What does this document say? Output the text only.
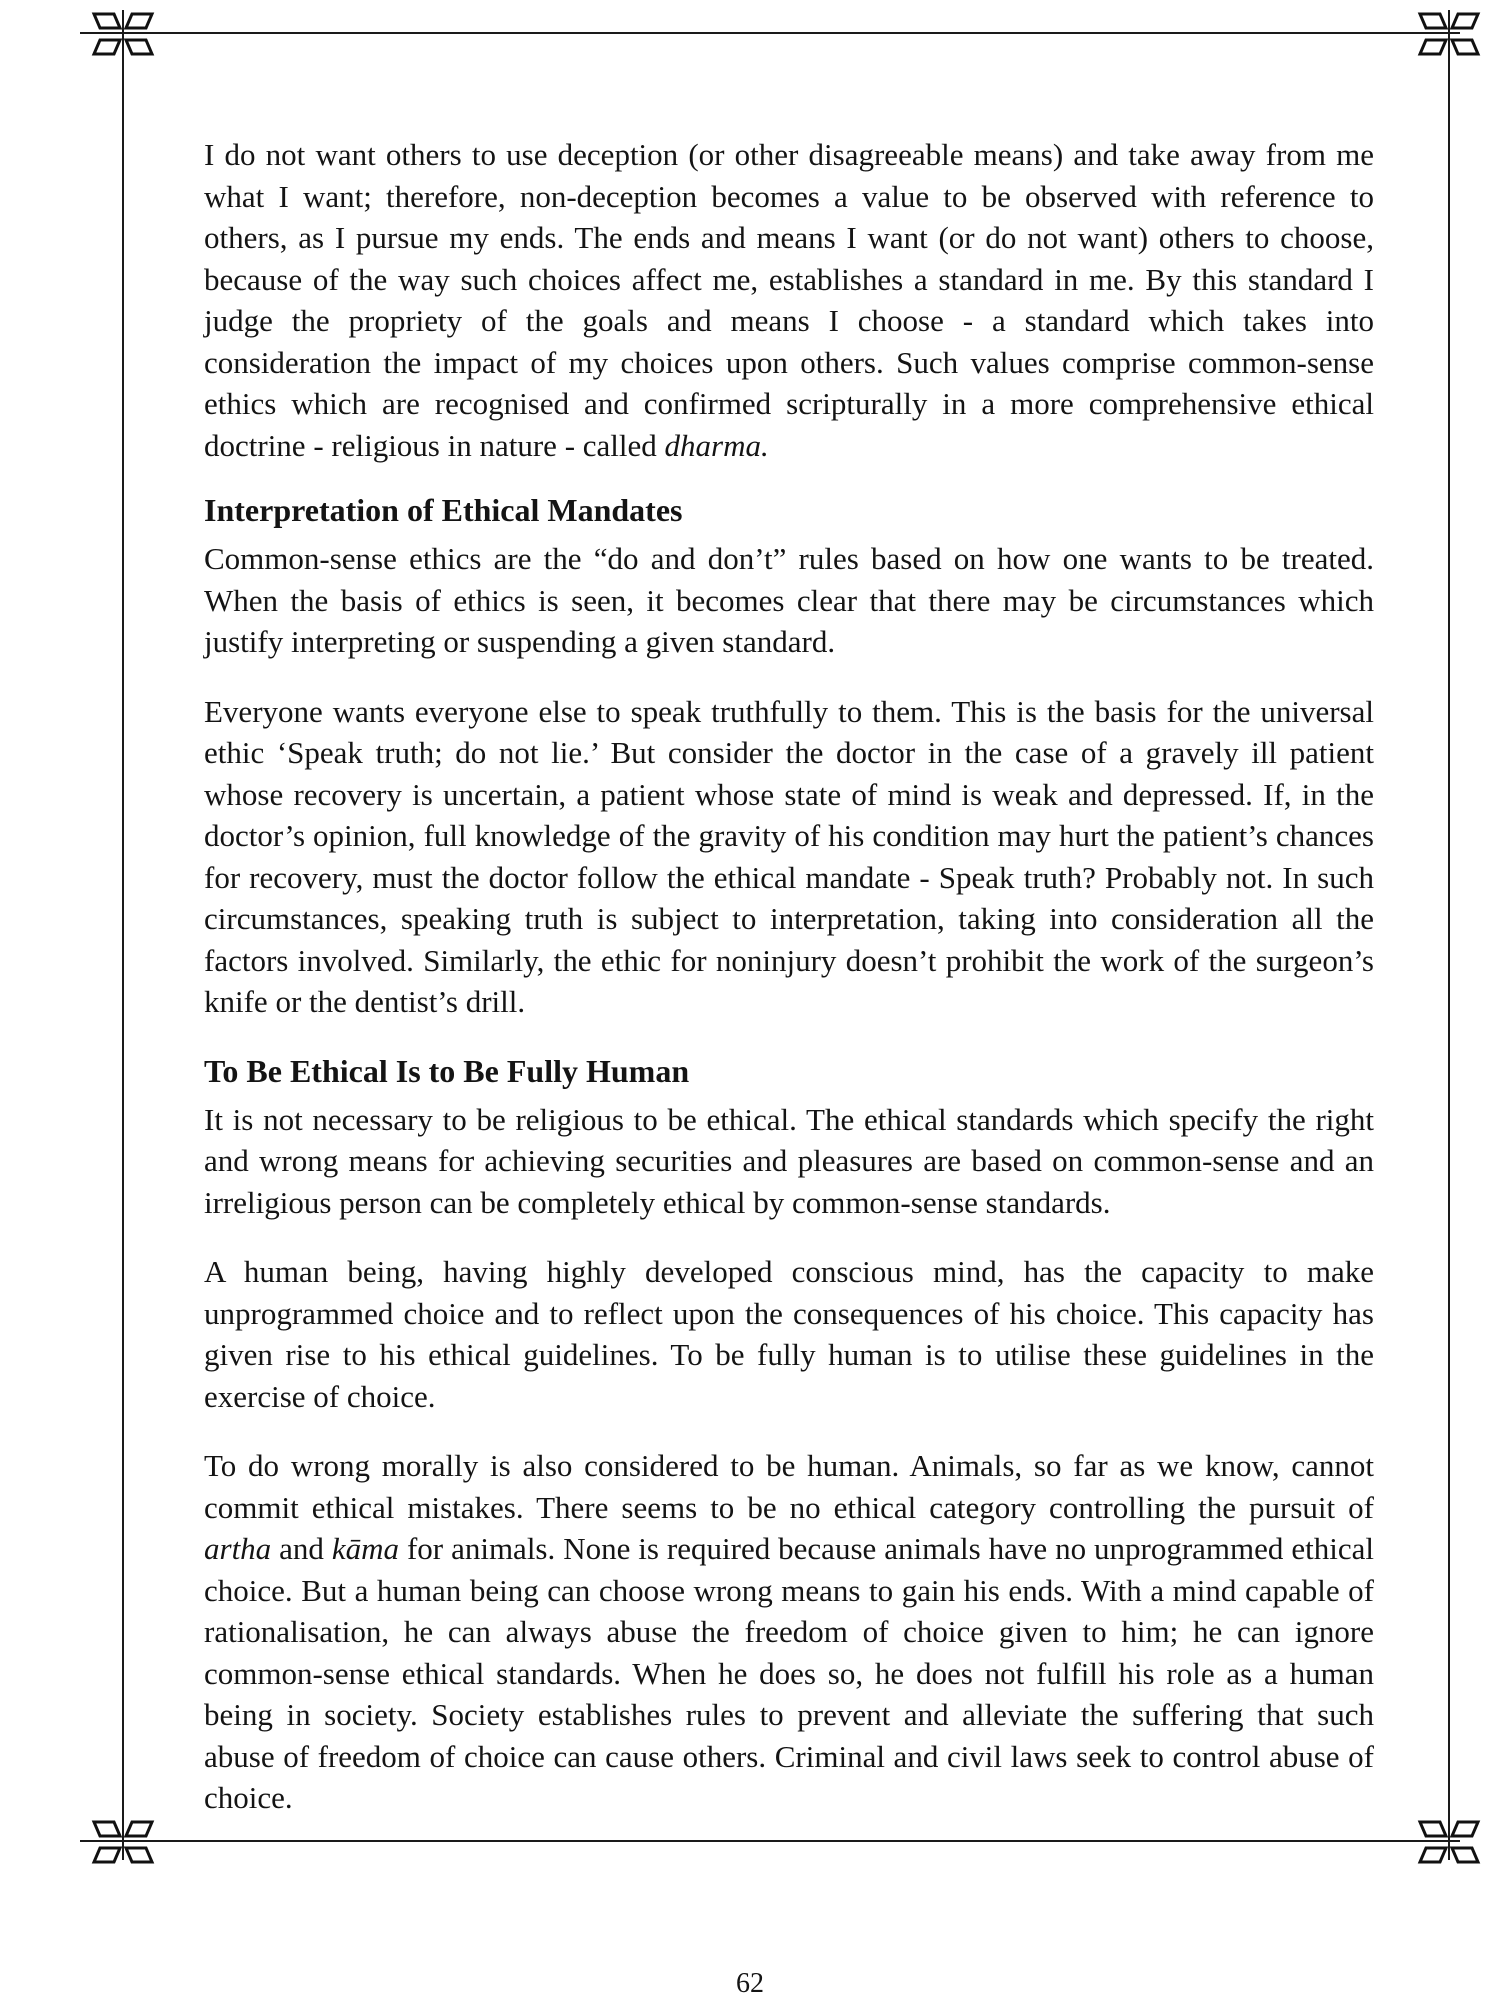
I do not want others to use deception (or other disagreeable means) and take away from me what I want; therefore, non-deception becomes a value to be observed with reference to others, as I pursue my ends. The ends and means I want (or do not want) others to choose, because of the way such choices affect me, establishes a standard in me. By this standard I judge the propriety of the goals and means I choose - a standard which takes into consideration the impact of my choices upon others. Such values comprise common-sense ethics which are recognised and confirmed scripturally in a more comprehensive ethical doctrine - religious in nature - called dharma.

Interpretation of Ethical Mandates

Common-sense ethics are the “do and don’t” rules based on how one wants to be treated. When the basis of ethics is seen, it becomes clear that there may be circumstances which justify interpreting or suspending a given standard.

Everyone wants everyone else to speak truthfully to them. This is the basis for the universal ethic ‘Speak truth; do not lie.’ But consider the doctor in the case of a gravely ill patient whose recovery is uncertain, a patient whose state of mind is weak and depressed. If, in the doctor’s opinion, full knowledge of the gravity of his condition may hurt the patient’s chances for recovery, must the doctor follow the ethical mandate - Speak truth? Probably not. In such circumstances, speaking truth is subject to interpretation, taking into consideration all the factors involved. Similarly, the ethic for noninjury doesn’t prohibit the work of the surgeon’s knife or the dentist’s drill.

To Be Ethical Is to Be Fully Human

It is not necessary to be religious to be ethical. The ethical standards which specify the right and wrong means for achieving securities and pleasures are based on common-sense and an irreligious person can be completely ethical by common-sense standards.

A human being, having highly developed conscious mind, has the capacity to make unprogrammed choice and to reflect upon the consequences of his choice. This capacity has given rise to his ethical guidelines. To be fully human is to utilise these guidelines in the exercise of choice.

To do wrong morally is also considered to be human. Animals, so far as we know, cannot commit ethical mistakes. There seems to be no ethical category controlling the pursuit of artha and kāma for animals. None is required because animals have no unprogrammed ethical choice. But a human being can choose wrong means to gain his ends. With a mind capable of rationalisation, he can always abuse the freedom of choice given to him; he can ignore common-sense ethical standards. When he does so, he does not fulfill his role as a human being in society. Society establishes rules to prevent and alleviate the suffering that such abuse of freedom of choice can cause others. Criminal and civil laws seek to control abuse of choice.

62
